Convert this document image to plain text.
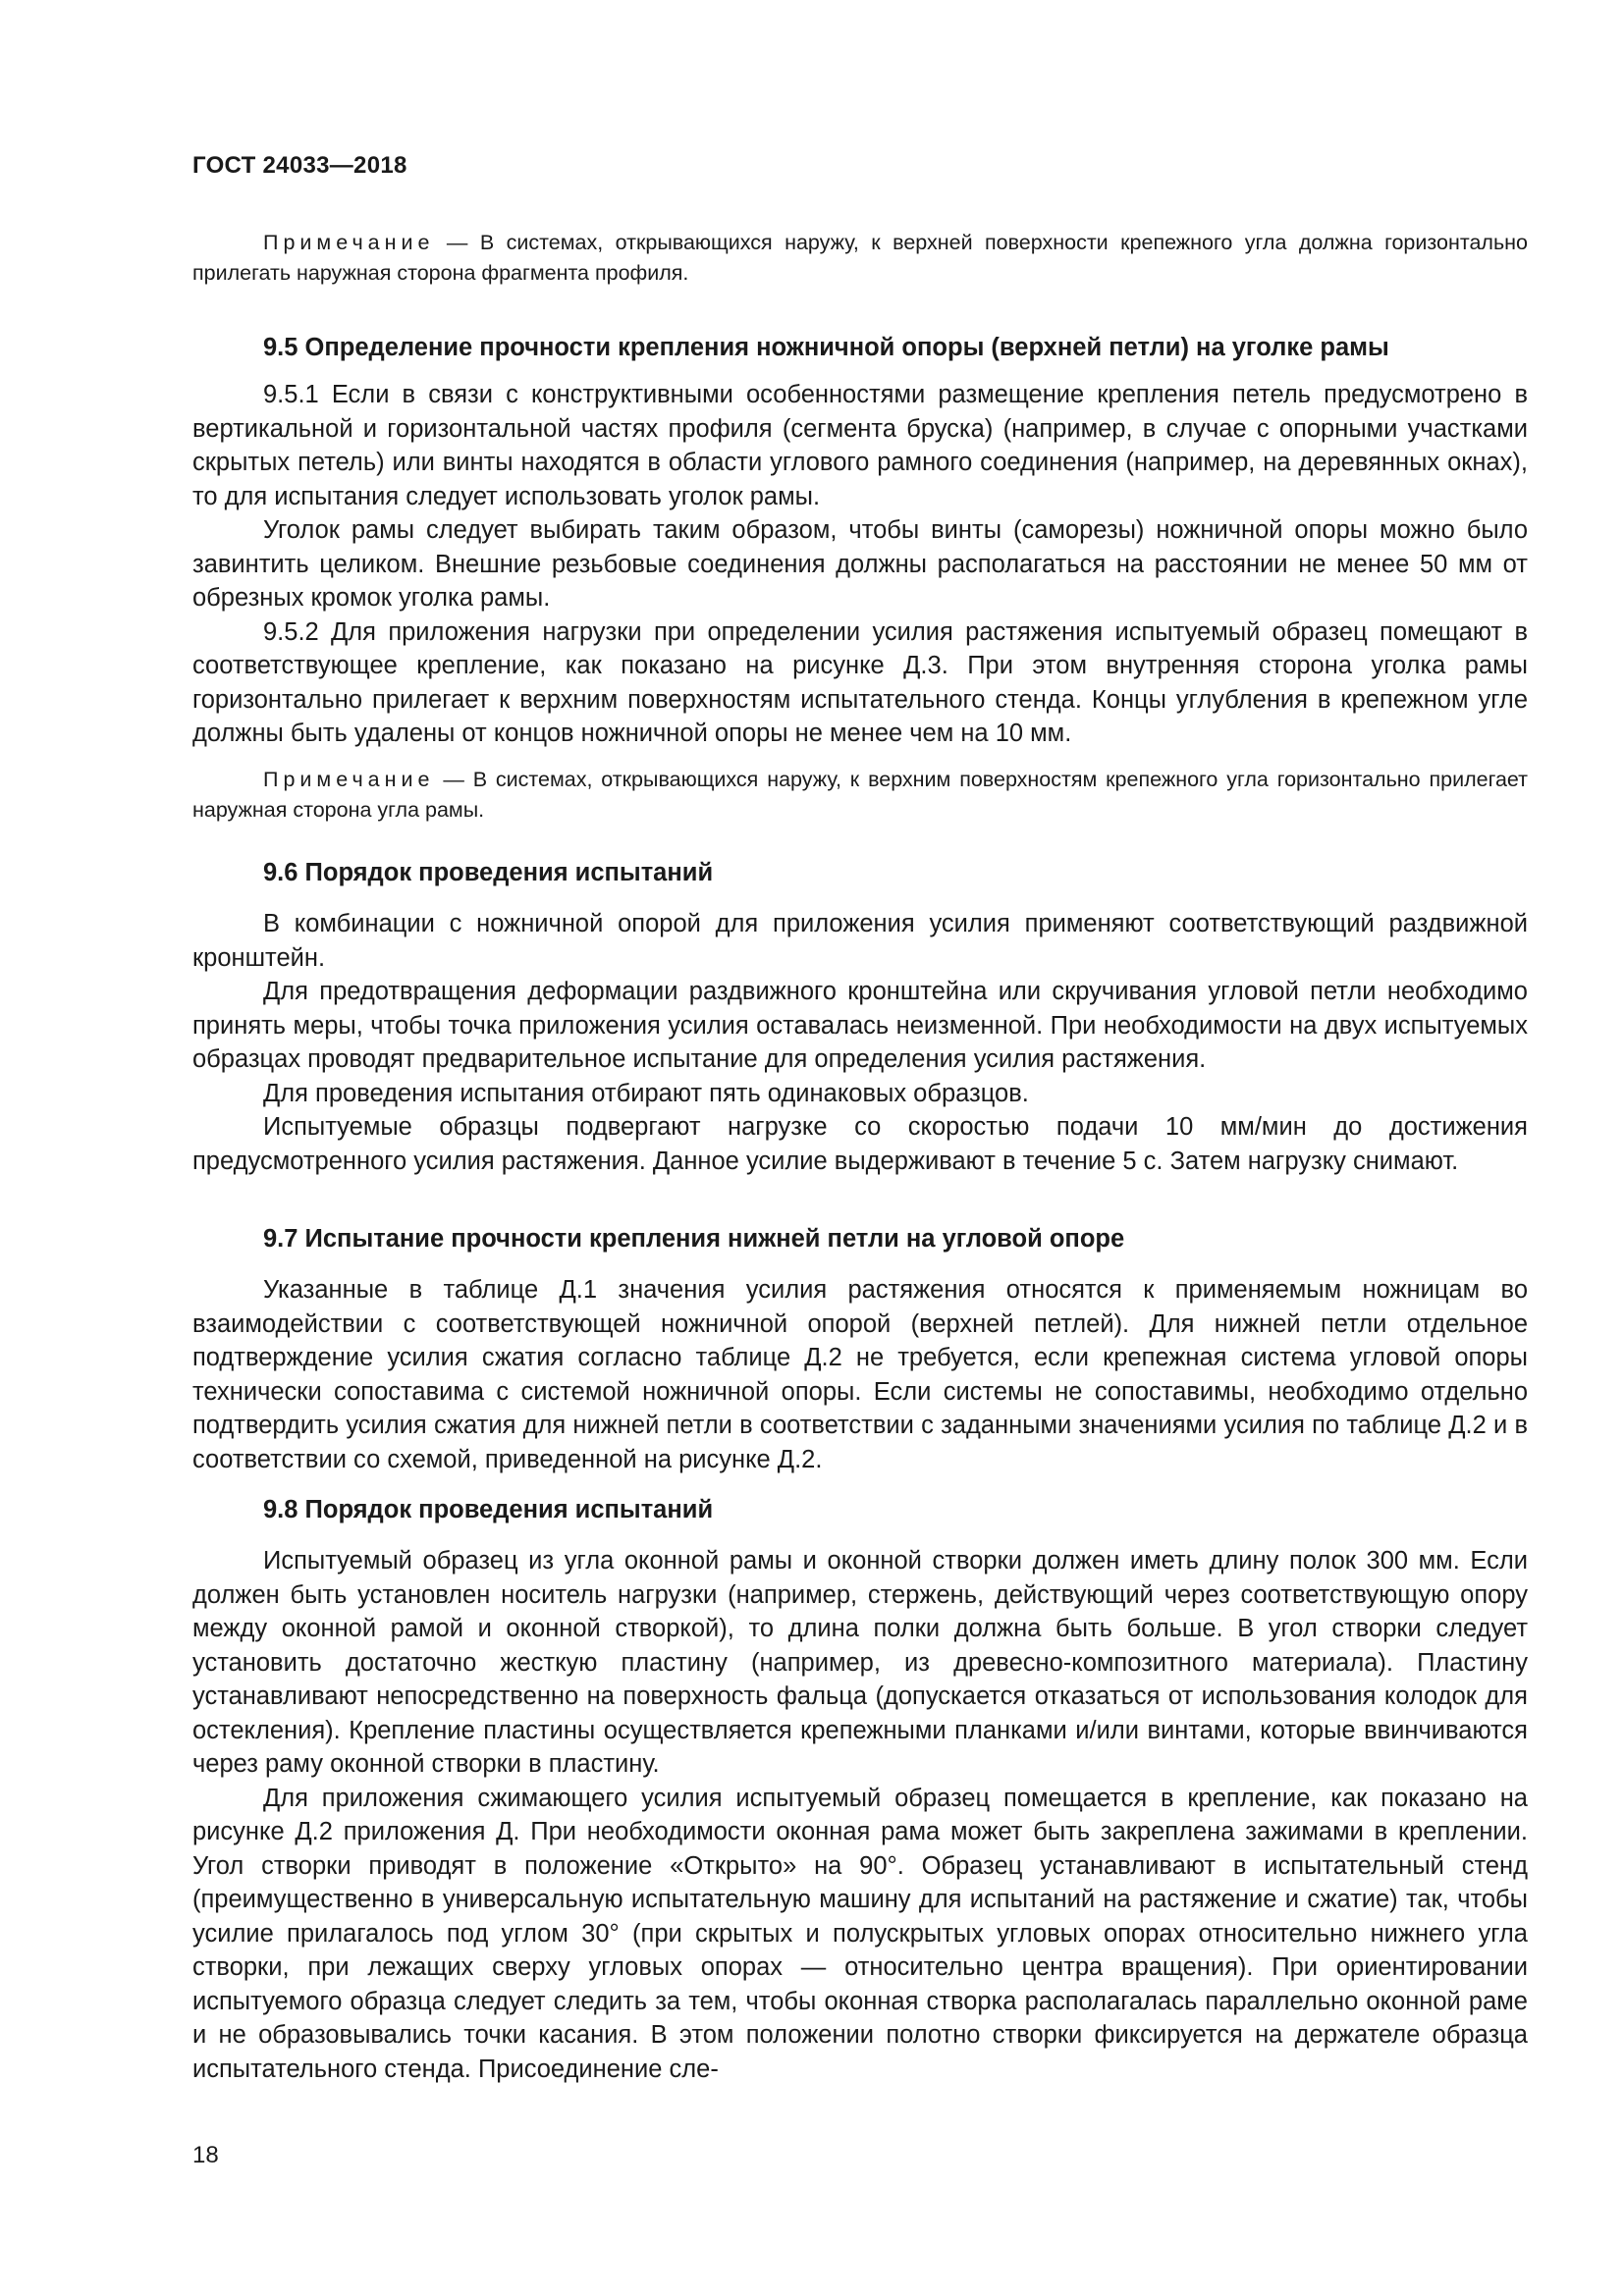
ГОСТ 24033—2018

Примечание — В системах, открывающихся наружу, к верхней поверхности крепежного угла должна горизонтально прилегать наружная сторона фрагмента профиля.

9.5 Определение прочности крепления ножничной опоры (верхней петли) на уголке рамы

9.5.1 Если в связи с конструктивными особенностями размещение крепления петель предусмотрено в вертикальной и горизонтальной частях профиля (сегмента бруска) (например, в случае с опорными участками скрытых петель) или винты находятся в области углового рамного соединения (например, на деревянных окнах), то для испытания следует использовать уголок рамы.

Уголок рамы следует выбирать таким образом, чтобы винты (саморезы) ножничной опоры можно было завинтить целиком. Внешние резьбовые соединения должны располагаться на расстоянии не менее 50 мм от обрезных кромок уголка рамы.

9.5.2 Для приложения нагрузки при определении усилия растяжения испытуемый образец помещают в соответствующее крепление, как показано на рисунке Д.3. При этом внутренняя сторона уголка рамы горизонтально прилегает к верхним поверхностям испытательного стенда. Концы углубления в крепежном угле должны быть удалены от концов ножничной опоры не менее чем на 10 мм.

Примечание — В системах, открывающихся наружу, к верхним поверхностям крепежного угла горизонтально прилегает наружная сторона угла рамы.

9.6 Порядок проведения испытаний

В комбинации с ножничной опорой для приложения усилия применяют соответствующий раздвижной кронштейн.

Для предотвращения деформации раздвижного кронштейна или скручивания угловой петли необходимо принять меры, чтобы точка приложения усилия оставалась неизменной. При необходимости на двух испытуемых образцах проводят предварительное испытание для определения усилия растяжения.

Для проведения испытания отбирают пять одинаковых образцов.

Испытуемые образцы подвергают нагрузке со скоростью подачи 10 мм/мин до достижения предусмотренного усилия растяжения. Данное усилие выдерживают в течение 5 с. Затем нагрузку снимают.

9.7 Испытание прочности крепления нижней петли на угловой опоре

Указанные в таблице Д.1 значения усилия растяжения относятся к применяемым ножницам во взаимодействии с соответствующей ножничной опорой (верхней петлей). Для нижней петли отдельное подтверждение усилия сжатия согласно таблице Д.2 не требуется, если крепежная система угловой опоры технически сопоставима с системой ножничной опоры. Если системы не сопоставимы, необходимо отдельно подтвердить усилия сжатия для нижней петли в соответствии с заданными значениями усилия по таблице Д.2 и в соответствии со схемой, приведенной на рисунке Д.2.

9.8 Порядок проведения испытаний

Испытуемый образец из угла оконной рамы и оконной створки должен иметь длину полок 300 мм. Если должен быть установлен носитель нагрузки (например, стержень, действующий через соответствующую опору между оконной рамой и оконной створкой), то длина полки должна быть больше. В угол створки следует установить достаточно жесткую пластину (например, из древесно-композитного материала). Пластину устанавливают непосредственно на поверхность фальца (допускается отказаться от использования колодок для остекления). Крепление пластины осуществляется крепежными планками и/или винтами, которые ввинчиваются через раму оконной створки в пластину.

Для приложения сжимающего усилия испытуемый образец помещается в крепление, как показано на рисунке Д.2 приложения Д. При необходимости оконная рама может быть закреплена зажимами в креплении. Угол створки приводят в положение «Открыто» на 90°. Образец устанавливают в испытательный стенд (преимущественно в универсальную испытательную машину для испытаний на растяжение и сжатие) так, чтобы усилие прилагалось под углом 30° (при скрытых и полускрытых угловых опорах относительно нижнего угла створки, при лежащих сверху угловых опорах — относительно центра вращения). При ориентировании испытуемого образца следует следить за тем, чтобы оконная створка располагалась параллельно оконной раме и не образовывались точки касания. В этом положении полотно створки фиксируется на держателе образца испытательного стенда. Присоединение сле-

18
